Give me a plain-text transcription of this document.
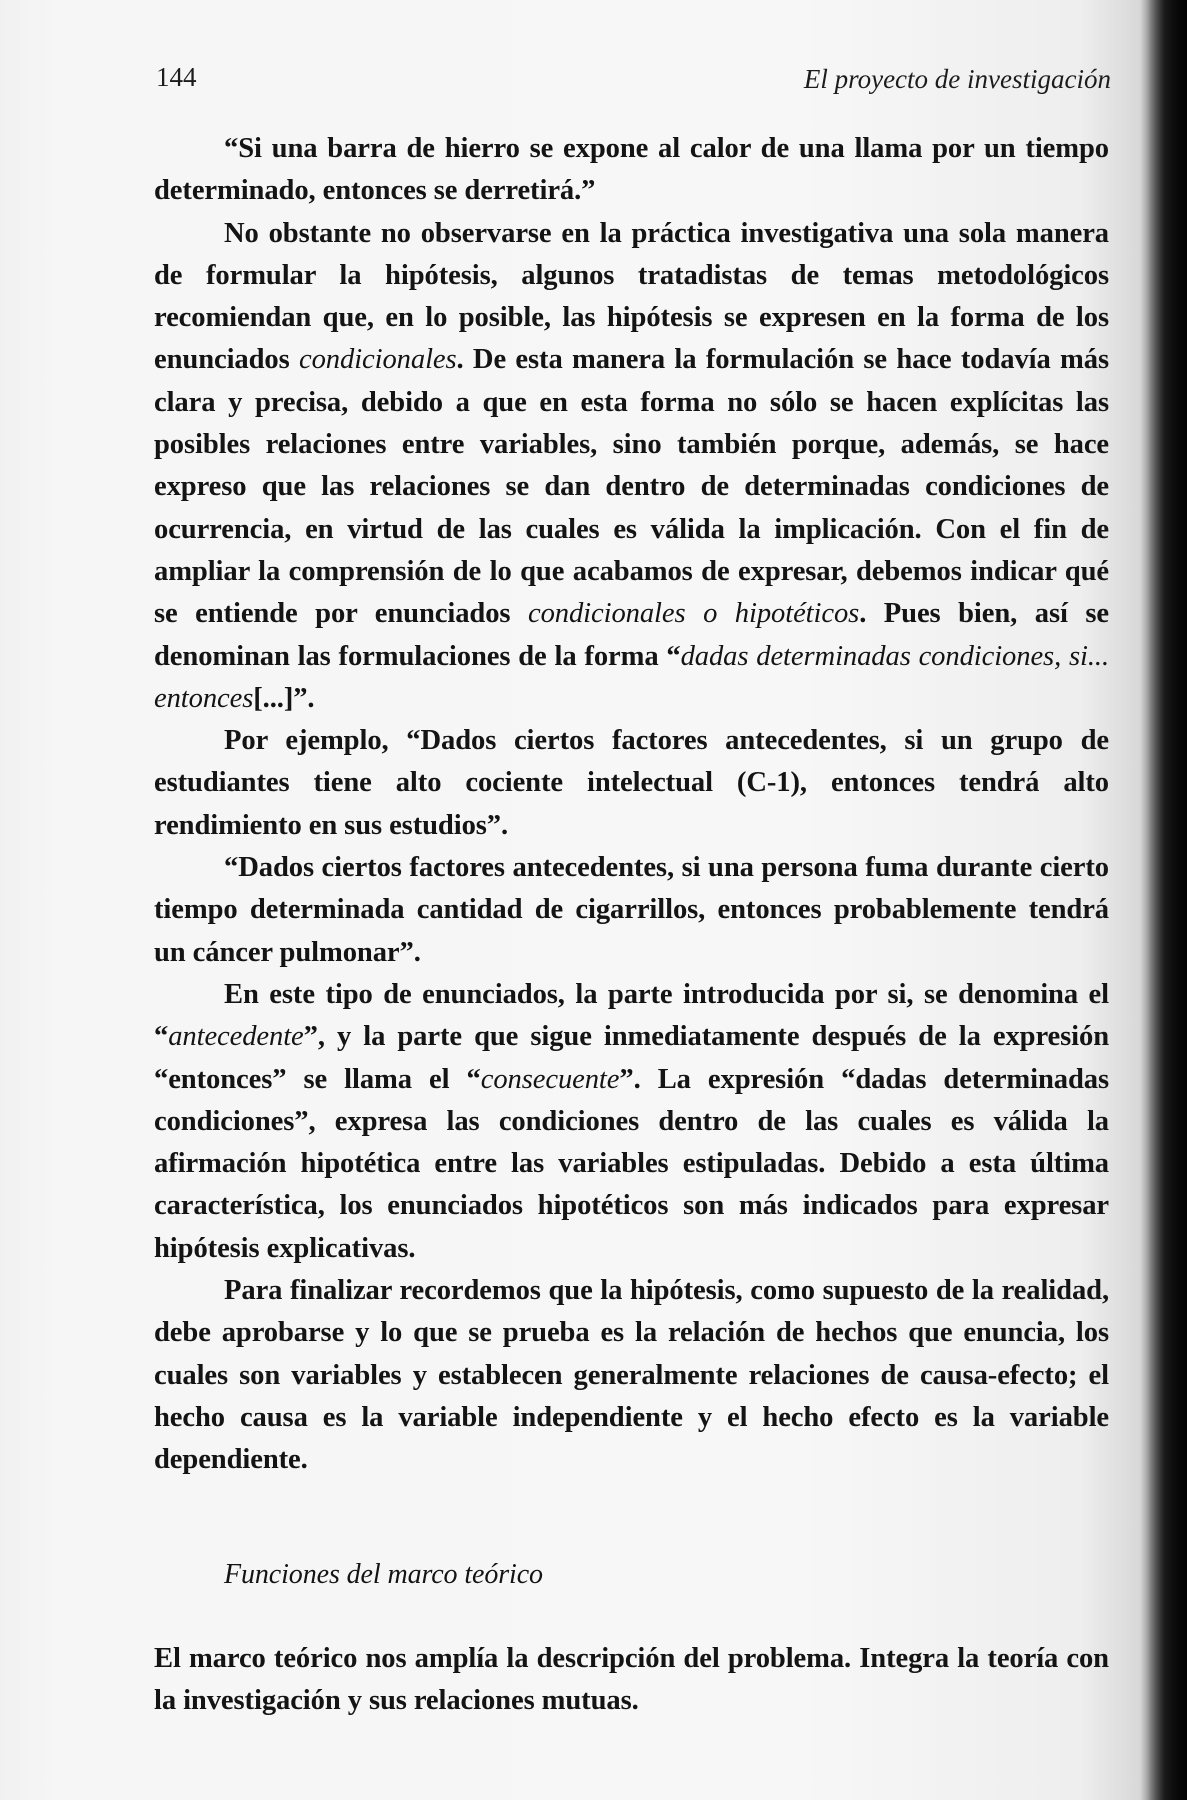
144	El proyecto de investigación

“Si una barra de hierro se expone al calor de una llama por un tiempo determinado, entonces se derretirá.”

No obstante no observarse en la práctica investigativa una sola manera de formular la hipótesis, algunos tratadistas de temas metodológicos recomiendan que, en lo posible, las hipótesis se expresen en la forma de los enunciados condicionales. De esta manera la formulación se hace todavía más clara y precisa, debido a que en esta forma no sólo se hacen explícitas las posibles relaciones entre variables, sino también porque, además, se hace expreso que las relaciones se dan dentro de determinadas condiciones de ocurrencia, en virtud de las cuales es válida la implicación. Con el fin de ampliar la comprensión de lo que acabamos de expresar, debemos indicar qué se entiende por enunciados condicionales o hipotéticos. Pues bien, así se denominan las formulaciones de la forma “dadas determinadas condiciones, si... entonces[...]”.

Por ejemplo, “Dados ciertos factores antecedentes, si un grupo de estudiantes tiene alto cociente intelectual (C-1), entonces tendrá alto rendimiento en sus estudios”.

“Dados ciertos factores antecedentes, si una persona fuma durante cierto tiempo determinada cantidad de cigarrillos, entonces probablemente tendrá un cáncer pulmonar”.

En este tipo de enunciados, la parte introducida por si, se denomina el “antecedente”, y la parte que sigue inmediatamente después de la expresión “entonces” se llama el “consecuente”. La expresión “dadas determinadas condiciones”, expresa las condiciones dentro de las cuales es válida la afirmación hipotética entre las variables estipuladas. Debido a esta última característica, los enunciados hipotéticos son más indicados para expresar hipótesis explicativas.

Para finalizar recordemos que la hipótesis, como supuesto de la realidad, debe aprobarse y lo que se prueba es la relación de hechos que enuncia, los cuales son variables y establecen generalmente relaciones de causa-efecto; el hecho causa es la variable independiente y el hecho efecto es la variable dependiente.

Funciones del marco teórico

El marco teórico nos amplía la descripción del problema. Integra la teoría con la investigación y sus relaciones mutuas.
